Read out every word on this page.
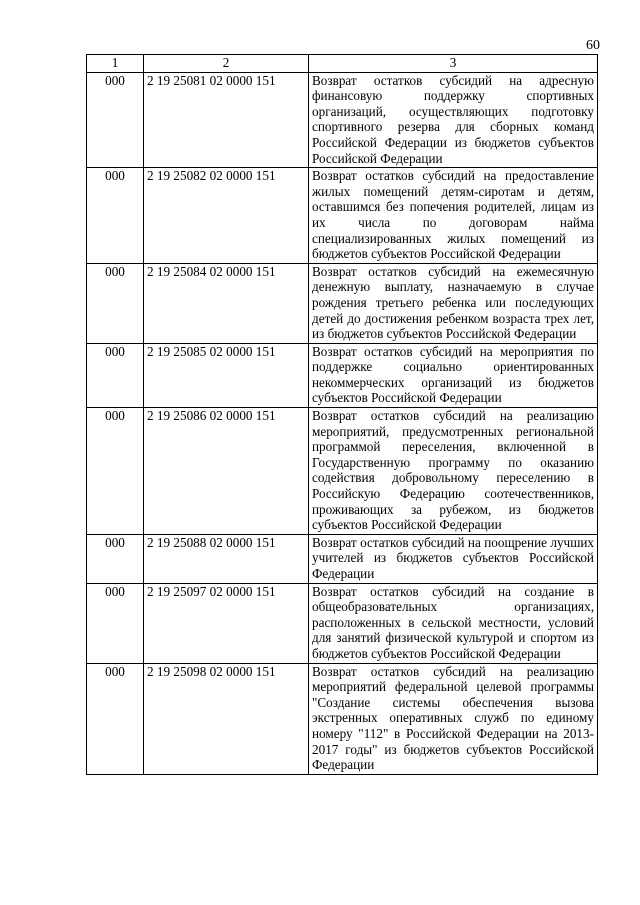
60
1	2	3
000	2 19 25081 02 0000 151	Возврат остатков субсидий на адресную финансовую поддержку спортивных организаций, осуществляющих подготовку спортивного резерва для сборных команд Российской Федерации из бюджетов субъектов Российской Федерации
000	2 19 25082 02 0000 151	Возврат остатков субсидий на предоставление жилых помещений детям-сиротам и детям, оставшимся без попечения родителей, лицам из их числа по договорам найма специализированных жилых помещений из бюджетов субъектов Российской Федерации
000	2 19 25084 02 0000 151	Возврат остатков субсидий на ежемесячную денежную выплату, назначаемую в случае рождения третьего ребенка или последующих детей до достижения ребенком возраста трех лет, из бюджетов субъектов Российской Федерации
000	2 19 25085 02 0000 151	Возврат остатков субсидий на мероприятия по поддержке социально ориентированных некоммерческих организаций из бюджетов субъектов Российской Федерации
000	2 19 25086 02 0000 151	Возврат остатков субсидий на реализацию мероприятий, предусмотренных региональной программой переселения, включенной в Государственную программу по оказанию содействия добровольному переселению в Российскую Федерацию соотечественников, проживающих за рубежом, из бюджетов субъектов Российской Федерации
000	2 19 25088 02 0000 151	Возврат остатков субсидий на поощрение лучших учителей из бюджетов субъектов Российской Федерации
000	2 19 25097 02 0000 151	Возврат остатков субсидий на создание в общеобразовательных организациях, расположенных в сельской местности, условий для занятий физической культурой и спортом из бюджетов субъектов Российской Федерации
000	2 19 25098 02 0000 151	Возврат остатков субсидий на реализацию мероприятий федеральной целевой программы "Создание системы обеспечения вызова экстренных оперативных служб по единому номеру "112" в Российской Федерации на 2013-2017 годы" из бюджетов субъектов Российской Федерации
